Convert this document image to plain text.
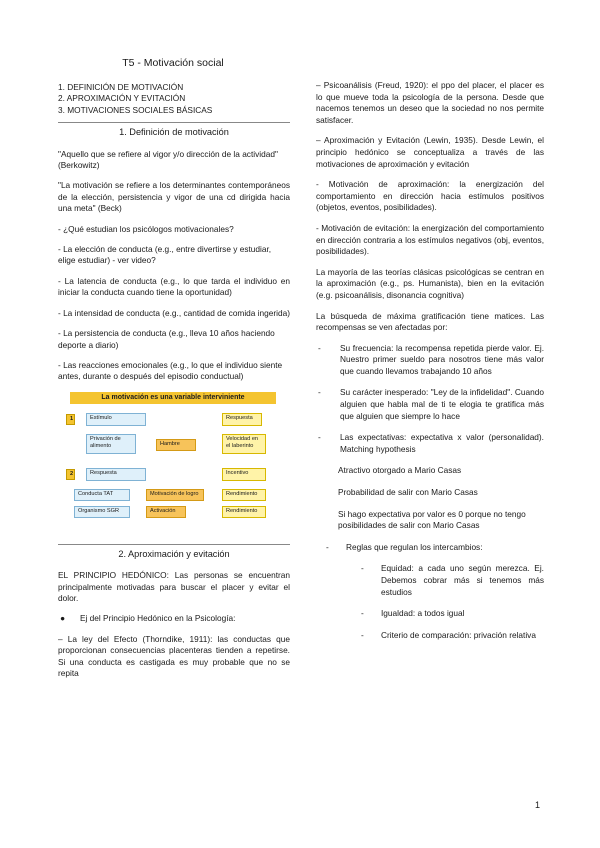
T5 - Motivación social
1. DEFINICIÓN DE MOTIVACIÓN
2. APROXIMACIÓN Y EVITACIÓN
3. MOTIVACIONES SOCIALES BÁSICAS
1. Definición de motivación

"Aquello que se refiere al vigor y/o dirección de la actividad" (Berkowitz)

"La motivación se refiere a los determinantes contemporáneos de la elección, persistencia y vigor de una cd dirigida hacia una meta" (Beck)

- ¿Qué estudian los psicólogos motivacionales?

- La elección de conducta (e.g., entre divertirse y estudiar, elige estudiar) - ver video?

- La latencia de conducta (e.g., lo que tarda el individuo en iniciar la conducta cuando tiene la oportunidad)

- La intensidad de conducta (e.g., cantidad de comida ingerida)

- La persistencia de conducta (e.g., lleva 10 años haciendo deporte a diario)

- Las reacciones emocionales (e.g., lo que el individuo siente antes, durante o después del episodio conductual)

La motivación es una variable interviniente
1	Estímulo	Respuesta
Privación de alimento	Hambre
Velocidad en el laberinto
2	Respuesta	Incentivo
Conducta TAT	Motivación de logro	Rendimiento
Organismo SGR	Activación	Rendimiento
2. Aproximación y evitación

EL PRINCIPIO HEDÓNICO: Las personas se encuentran principalmente motivadas para buscar el placer y evitar el dolor.

●	Ej del Principio Hedónico en la Psicología:

– La ley del Efecto (Thorndike, 1911): las conductas que proporcionan consecuencias placenteras tienden a repetirse. Si una conducta es castigada es muy probable que no se repita

– Psicoanálisis (Freud, 1920): el ppo del placer, el placer es lo que mueve toda la psicología de la persona. Desde que nacemos tenemos un deseo que la sociedad no nos permite satisfacer.

– Aproximación y Evitación (Lewin, 1935). Desde Lewin, el principio hedónico se conceptualiza a través de las motivaciones de aproximación y evitación

- Motivación de aproximación: la energización del comportamiento en dirección hacia estímulos positivos (objetos, eventos, posibilidades).

- Motivación de evitación: la energización del comportamiento en dirección contraria a los estímulos negativos (obj, eventos, posibilidades).

La mayoría de las teorías clásicas psicológicas se centran en la aproximación (e.g., ps. Humanista), bien en la evitación (e.g. psicoanálisis, disonancia cognitiva)

La búsqueda de máxima gratificación tiene matices. Las recompensas se ven afectadas por:

-	Su frecuencia: la recompensa repetida pierde valor. Ej. Nuestro primer sueldo para nosotros tiene más valor que cuando llevamos trabajando 10 años
-	Su carácter inesperado: "Ley de la infidelidad". Cuando alguien que habla mal de ti te elogia te gratifica más que alguien que siempre lo hace
-	Las expectativas: expectativa x valor (personalidad). Matching hypothesis
Atractivo otorgado a Mario Casas
Probabilidad de salir con Mario Casas
Si hago expectativa por valor es 0 porque no tengo posibilidades de salir con Mario Casas
-	Reglas que regulan los intercambios:
-	Equidad: a cada uno según merezca. Ej. Debemos cobrar más si tenemos más estudios
-	Igualdad: a todos igual
-	Criterio de comparación: privación relativa
1
